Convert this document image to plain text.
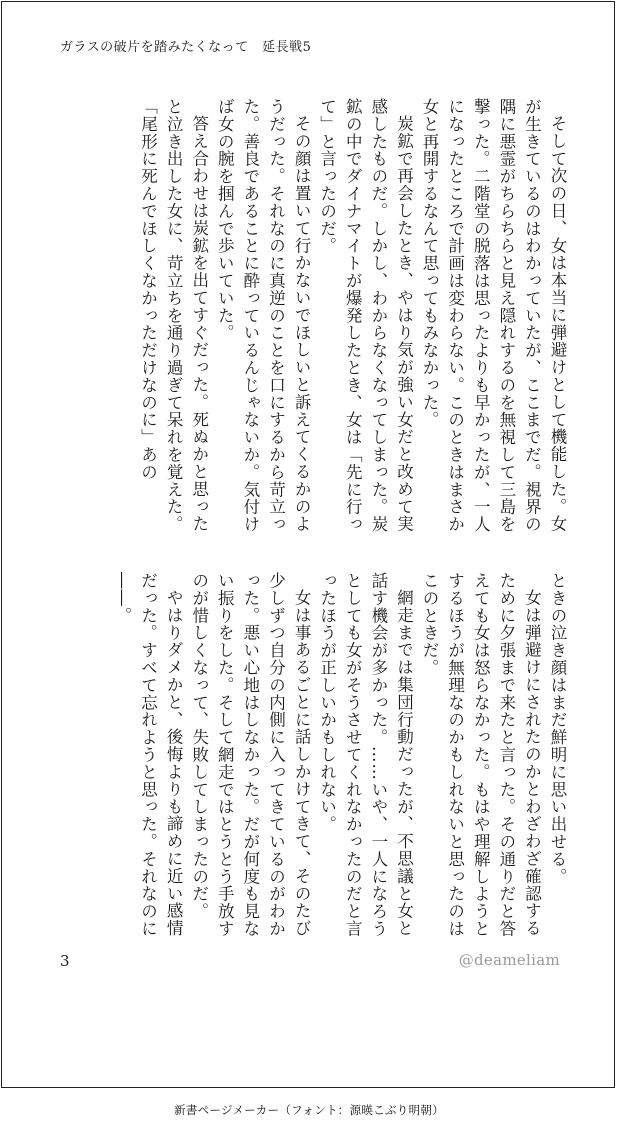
ガラスの破片を踏みたくなって　延長戦5

そして次の日、女は本当に弾避けとして機能した。女が生きているのはわかっていたが、ここまでだ。視界の隅に悪霊がちらちらと見え隠れするのを無視して三島を撃った。二階堂の脱落は思ったよりも早かったが、一人になったところで計画は変わらない。このときはまさか女と再開するなんて思ってもみなかった。

炭鉱で再会したとき、やはり気が強い女だと改めて実感したものだ。しかし、わからなくなってしまった。炭鉱の中でダイナマイトが爆発したとき、女は「先に行って」と言ったのだ。

その顔は置いて行かないでほしいと訴えてくるかのようだった。それなのに真逆のことを口にするから苛立った。善良であることに酔っているんじゃないか。気付けば女の腕を掴んで歩いていた。

答え合わせは炭鉱を出てすぐだった。死ぬかと思ったと泣き出した女に、苛立ちを通り過ぎて呆れを覚えた。「尾形に死んでほしくなかっただけなのに」あの

ときの泣き顔はまだ鮮明に思い出せる。

女は弾避けにされたのかとわざわざ確認するために夕張まで来たと言った。その通りだと答えても女は怒らなかった。もはや理解しようとするほうが無理なのかもしれないと思ったのはこのときだ。

網走までは集団行動だったが、不思議と女と話す機会が多かった。……いや、一人になろうとしても女がそうさせてくれなかったのだと言ったほうが正しいかもしれない。

女は事あるごとに話しかけてきて、そのたび少しずつ自分の内側に入ってきているのがわかった。悪い心地はしなかった。だが何度も見ない振りをした。そして網走ではとうとう手放すのが惜しくなって、失敗してしまったのだ。

やはりダメかと、後悔よりも諦めに近い感情だった。すべて忘れようと思った。それなのに――。

3	@deameliam
新書ページメーカー（フォント：源暎こぶり明朝）
